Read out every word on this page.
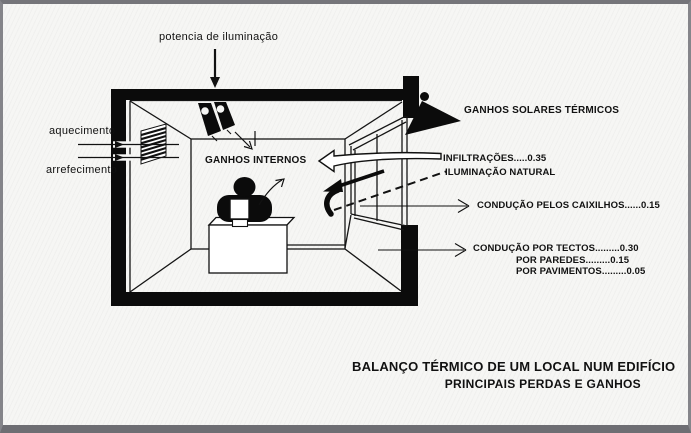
potencia de iluminação
aquecimento
arrefecimento
GANHOS INTERNOS
GANHOS SOLARES TÉRMICOS
INFILTRAÇÕES.....0.35
ILUMINAÇÃO NATURAL
CONDUÇÃO PELOS CAIXILHOS......0.15
CONDUÇÃO POR TECTOS.........0.30
POR PAREDES.........0.15
POR PAVIMENTOS.........0.05
BALANÇO TÉRMICO DE UM LOCAL NUM EDIFÍCIO
PRINCIPAIS PERDAS E GANHOS
